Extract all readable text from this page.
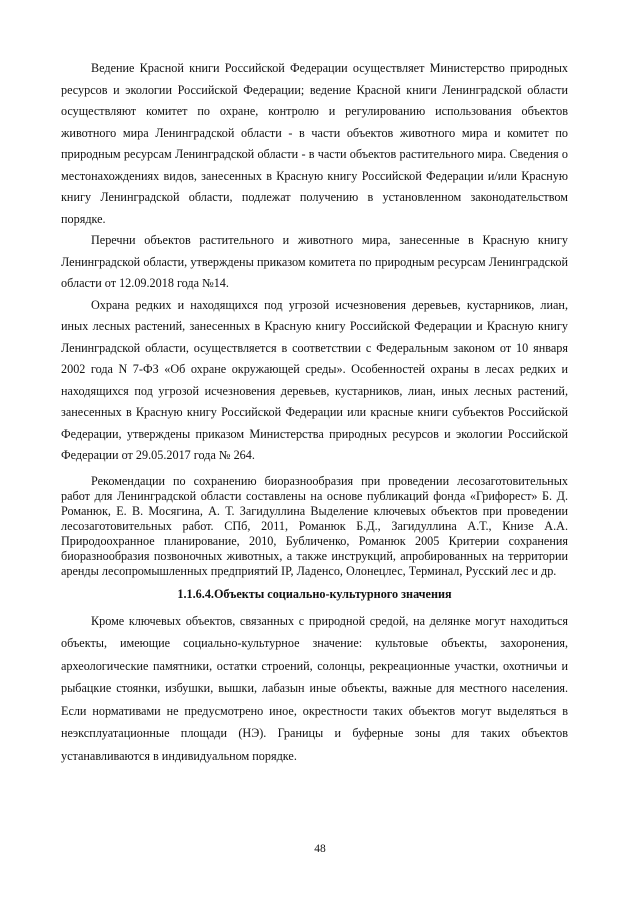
Ведение Красной книги Российской Федерации осуществляет Министерство природных ресурсов и экологии Российской Федерации; ведение Красной книги Ленинградской области осуществляют комитет по охране, контролю и регулированию использования объектов животного мира Ленинградской области - в части объектов животного мира и комитет по природным ресурсам Ленинградской области - в части объектов растительного мира. Сведения о местонахождениях видов, занесенных в Красную книгу Российской Федерации и/или Красную книгу Ленинградской области, подлежат получению в установленном законодательством порядке.

Перечни объектов растительного и животного мира, занесенные в Красную книгу Ленинградской области, утверждены приказом комитета по природным ресурсам Ленинградской области от 12.09.2018 года №14.

Охрана редких и находящихся под угрозой исчезновения деревьев, кустарников, лиан, иных лесных растений, занесенных в Красную книгу Российской Федерации и Красную книгу Ленинградской области, осуществляется в соответствии с Федеральным законом от 10 января 2002 года N 7-ФЗ «Об охране окружающей среды». Особенностей охраны в лесах редких и находящихся под угрозой исчезновения деревьев, кустарников, лиан, иных лесных растений, занесенных в Красную книгу Российской Федерации или красные книги субъектов Российской Федерации, утверждены приказом Министерства природных ресурсов и экологии Российской Федерации от 29.05.2017 года № 264.

Рекомендации по сохранению биоразнообразия при проведении лесозаготовительных работ для Ленинградской области составлены на основе публикаций фонда «Грифорест» Б. Д. Романюк, Е. В. Мосягина, А. Т. Загидуллина Выделение ключевых объектов при проведении лесозаготовительных работ. СПб, 2011, Романюк Б.Д., Загидуллина А.Т., Книзе А.А. Природоохранное планирование, 2010, Бубличенко, Романюк 2005 Критерии сохранения биоразнообразия позвоночных животных, а также инструкций, апробированных на территории аренды лесопромышленных предприятий IP, Ладенсо, Олонецлес, Терминал, Русский лес и др.

1.1.6.4.Объекты социально-культурного значения

Кроме ключевых объектов, связанных с природной средой, на делянке могут находиться объекты, имеющие социально-культурное значение: культовые объекты, захоронения, археологические памятники, остатки строений, солонцы, рекреационные участки, охотничьи и рыбацкие стоянки, избушки, вышки, лабазын иные объекты, важные для местного населения. Если нормативами не предусмотрено иное, окрестности таких объектов могут выделяться в неэксплуатационные площади (НЭ). Границы и буферные зоны для таких объектов устанавливаются в индивидуальном порядке.

48
